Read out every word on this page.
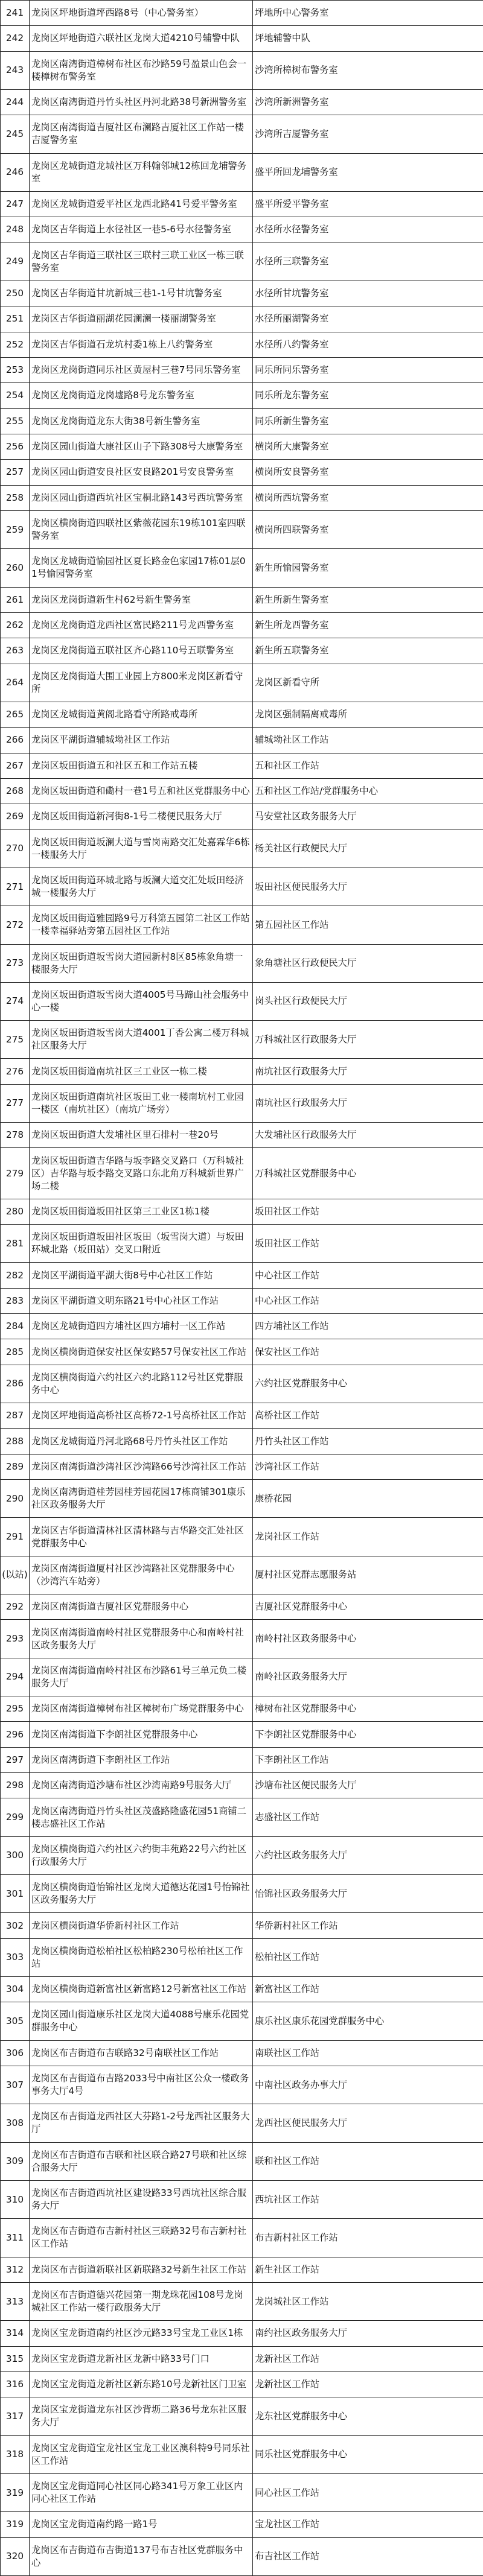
241	龙岗区坪地街道坪西路8号（中心警务室）	坪地所中心警务室
242	龙岗区坪地街道六联社区龙岗大道4210号辅警中队	坪地辅警中队
243	龙岗区南湾街道樟树布社区布沙路59号盈景山色会一楼樟树布警务室	沙湾所樟树布警务室
244	龙岗区南湾街道丹竹头社区丹河北路38号新洲警务室	沙湾所新洲警务室
245	龙岗区南湾街道吉厦社区布澜路吉厦社区工作站一楼吉厦警务室	沙湾所吉厦警务室
246	龙岗区龙城街道龙城社区万科翰邻城12栋回龙埔警务室	盛平所回龙埔警务室
247	龙岗区龙城街道爱平社区龙西北路41号爱平警务室	盛平所爱平警务室
248	龙岗区吉华街道上水径社区一巷5-6号水径警务室	水径所水径警务室
249	龙岗区吉华街道三联社区三联村三联工业区一栋三联警务室	水径所三联警务室
250	龙岗区吉华街道甘坑新城三巷1-1号甘坑警务室	水径所甘坑警务室
251	龙岗区吉华街道丽湖花园澜澜一楼丽湖警务室	水径所丽湖警务室
252	龙岗区吉华街道石龙坑村委1栋上八约警务室	水径所八约警务室
253	龙岗区龙岗街道同乐社区黄屋村三巷7号同乐警务室	同乐所同乐警务室
254	龙岗区龙岗街道龙岗墟路8号龙东警务室	同乐所龙东警务室
255	龙岗区龙岗街道龙东大街38号新生警务室	同乐所新生警务室
256	龙岗区园山街道大康社区山子下路308号大康警务室	横岗所大康警务室
257	龙岗区园山街道安良社区安良路201号安良警务室	横岗所安良警务室
258	龙岗区园山街道西坑社区宝桐北路143号西坑警务室	横岗所西坑警务室
259	龙岗区横岗街道四联社区紫薇花园东19栋101室四联警务室	横岗所四联警务室
260	龙岗区龙城街道愉园社区夏长路金色家园17栋01层01号愉园警务室	新生所愉园警务室
261	龙岗区龙岗街道新生村62号新生警务室	新生所新生警务室
262	龙岗区龙岗街道龙西社区富民路211号龙西警务室	新生所龙西警务室
263	龙岗区龙岗街道五联社区齐心路110号五联警务室	新生所五联警务室
264	龙岗区龙岗街道大围工业园上方800米龙岗区新看守所	龙岗区新看守所
265	龙岗区龙城街道黄阁北路看守所路戒毒所	龙岗区强制隔离戒毒所
266	龙岗区平湖街道辅城坳社区工作站	辅城坳社区工作站
267	龙岗区坂田街道五和社区五和工作站五楼	五和社区工作站
268	龙岗区坂田街道和磡村一巷1号五和社区党群服务中心	五和社区工作站/党群服务中心
269	龙岗区坂田街道新河街8-1号二楼便民服务大厅	马安堂社区政务服务大厅
270	龙岗区坂田街道坂澜大道与雪岗南路交汇处嘉霖华6栋一楼服务大厅	杨美社区行政便民大厅
271	龙岗区坂田街道环城北路与坂澜大道交汇处坂田经济城一楼服务大厅	坂田社区便民服务大厅
272	龙岗区坂田街道雅园路9号万科第五园第二社区工作站一楼幸福驿站旁第五园社区工作站	第五园社区工作站
273	龙岗区坂田街道坂雪岗大道园新村8区85栋象角塘一楼服务大厅	象角塘社区行政便民大厅
274	龙岗区坂田街道坂雪岗大道4005号马蹄山社会服务中心一楼	岗头社区行政便民大厅
275	龙岗区坂田街道坂雪岗大道4001丁香公寓二楼万科城社区服务大厅	万科城社区行政服务大厅
276	龙岗区坂田街道南坑社区三工业区一栋二楼	南坑社区行政服务大厅
277	龙岗区坂田街道南坑社区坂田工业一楼南坑村工业园一楼区（南坑社区）（南坑广场旁）	南坑社区行政服务大厅
278	龙岗区坂田街道大发埔社区里石排村一巷20号	大发埔社区行政服务大厅
279	龙岗区坂田街道吉华路与坂李路交叉路口（万科城社区）吉华路与坂李路交叉路口东北角万科城新世界广场二楼	万科城社区党群服务中心
280	龙岗区坂田街道坂田社区第三工业区1栋1楼	坂田社区工作站
281	龙岗区坂田街道坂田社区坂田（坂雪岗大道）与坂田环城北路（坂田站）交叉口附近	坂田社区工作站
282	龙岗区平湖街道平湖大街8号中心社区工作站	中心社区工作站
283	龙岗区平湖街道文明东路21号中心社区工作站	中心社区工作站
284	龙岗区龙城街道四方埔社区四方埔村一区工作站	四方埔社区工作站
285	龙岗区横岗街道保安社区保安路57号保安社区工作站	保安社区工作站
286	龙岗区横岗街道六约社区六约北路112号社区党群服务中心	六约社区党群服务中心
287	龙岗区坪地街道高桥社区高桥72-1号高桥社区工作站	高桥社区工作站
288	龙岗区龙城街道丹河北路68号丹竹头社区工作站	丹竹头社区工作站
289	龙岗区南湾街道沙湾社区沙湾路66号沙湾社区工作站	沙湾社区工作站
290	龙岗区南湾街道桂芳园桂芳园花园17栋商铺301康乐社区政务服务大厅	康桥花园
291	龙岗区吉华街道清林社区清林路与吉华路交汇处社区党群服务中心	龙岗社区工作站
(以站)	龙岗区南湾街道厦村社区沙湾路社区党群服务中心（沙湾汽车站旁）	厦村社区党群志愿服务站
292	龙岗区南湾街道吉厦社区党群服务中心	吉厦社区党群服务中心
293	龙岗区南湾街道南岭村社区党群服务中心和南岭村社区政务服务大厅	南岭村社区政务服务中心
294	龙岗区南湾街道南岭村社区布沙路61号三单元负二楼服务大厅	南岭社区政务服务大厅
295	龙岗区南湾街道樟树布社区樟树布广场党群服务中心	樟树布社区党群服务中心
296	龙岗区南湾街道下李朗社区党群服务中心	下李朗社区党群服务中心
297	龙岗区南湾街道下李朗社区工作站	下李朗社区工作站
298	龙岗区南湾街道沙塘布社区沙湾南路9号服务大厅	沙塘布社区便民服务大厅
299	龙岗区南湾街道丹竹头社区茂盛路隆盛花园51商铺二楼志盛社区工作站	志盛社区工作站
300	龙岗区横岗街道六约社区六约街丰苑路22号六约社区行政服务大厅	六约社区政务服务大厅
301	龙岗区横岗街道怡锦社区龙岗大道德达花园1号怡锦社区政务服务大厅	怡锦社区政务服务大厅
302	龙岗区横岗街道华侨新村社区工作站	华侨新村社区工作站
303	龙岗区横岗街道松柏社区松柏路230号松柏社区工作站	松柏社区工作站
304	龙岗区横岗街道新富社区新富路12号新富社区工作站	新富社区工作站
305	龙岗区园山街道康乐社区龙岗大道4088号康乐花园党群服务中心	康乐社区康乐花园党群服务中心
306	龙岗区布吉街道布吉联路32号南联社区工作站	南联社区工作站
307	龙岗区布吉街道布吉路2033号中南社区公众一楼政务事务大厅4号	中南社区政务办事大厅
308	龙岗区布吉街道龙西社区大芬路1-2号龙西社区服务大厅	龙西社区便民服务大厅
309	龙岗区布吉街道布吉联和社区联合路27号联和社区综合服务大厅	联和社区工作站
310	龙岗区布吉街道西坑社区建设路33号西坑社区综合服务大厅	西坑社区工作站
311	龙岗区布吉街道布吉新村社区三联路32号布吉新村社区工作站	布吉新村社区工作站
312	龙岗区布吉街道新联社区新联路32号新生社区工作站	新生社区工作站
313	龙岗区布吉街道德兴花园第一期龙珠花园108号龙岗城社区工作站一楼行政服务大厅	龙岗城社区工作站
314	龙岗区宝龙街道南约社区沙元路33号宝龙工业区1栋	南约社区政务服务大厅
315	龙岗区宝龙街道龙新社区龙新中路33号门口	龙新社区工作站
316	龙岗区宝龙街道龙新社区新东路10号龙新社区门卫室	龙新社区工作站
317	龙岗区宝龙街道龙东社区沙背坜二路36号龙东社区服务大厅	龙东社区党群服务中心
318	龙岗区宝龙街道宝龙社区宝龙工业区澳科特9号同乐社区工作站	同乐社区党群服务中心
319	龙岗区宝龙街道同心社区同心路341号万象工业区内同心社区工作站	同心社区工作站
319	龙岗区宝龙街道南约路一路1号	宝龙社区工作站
320	龙岗区布吉街道布吉街道137号布吉社区党群服务中心	布吉社区工作站
